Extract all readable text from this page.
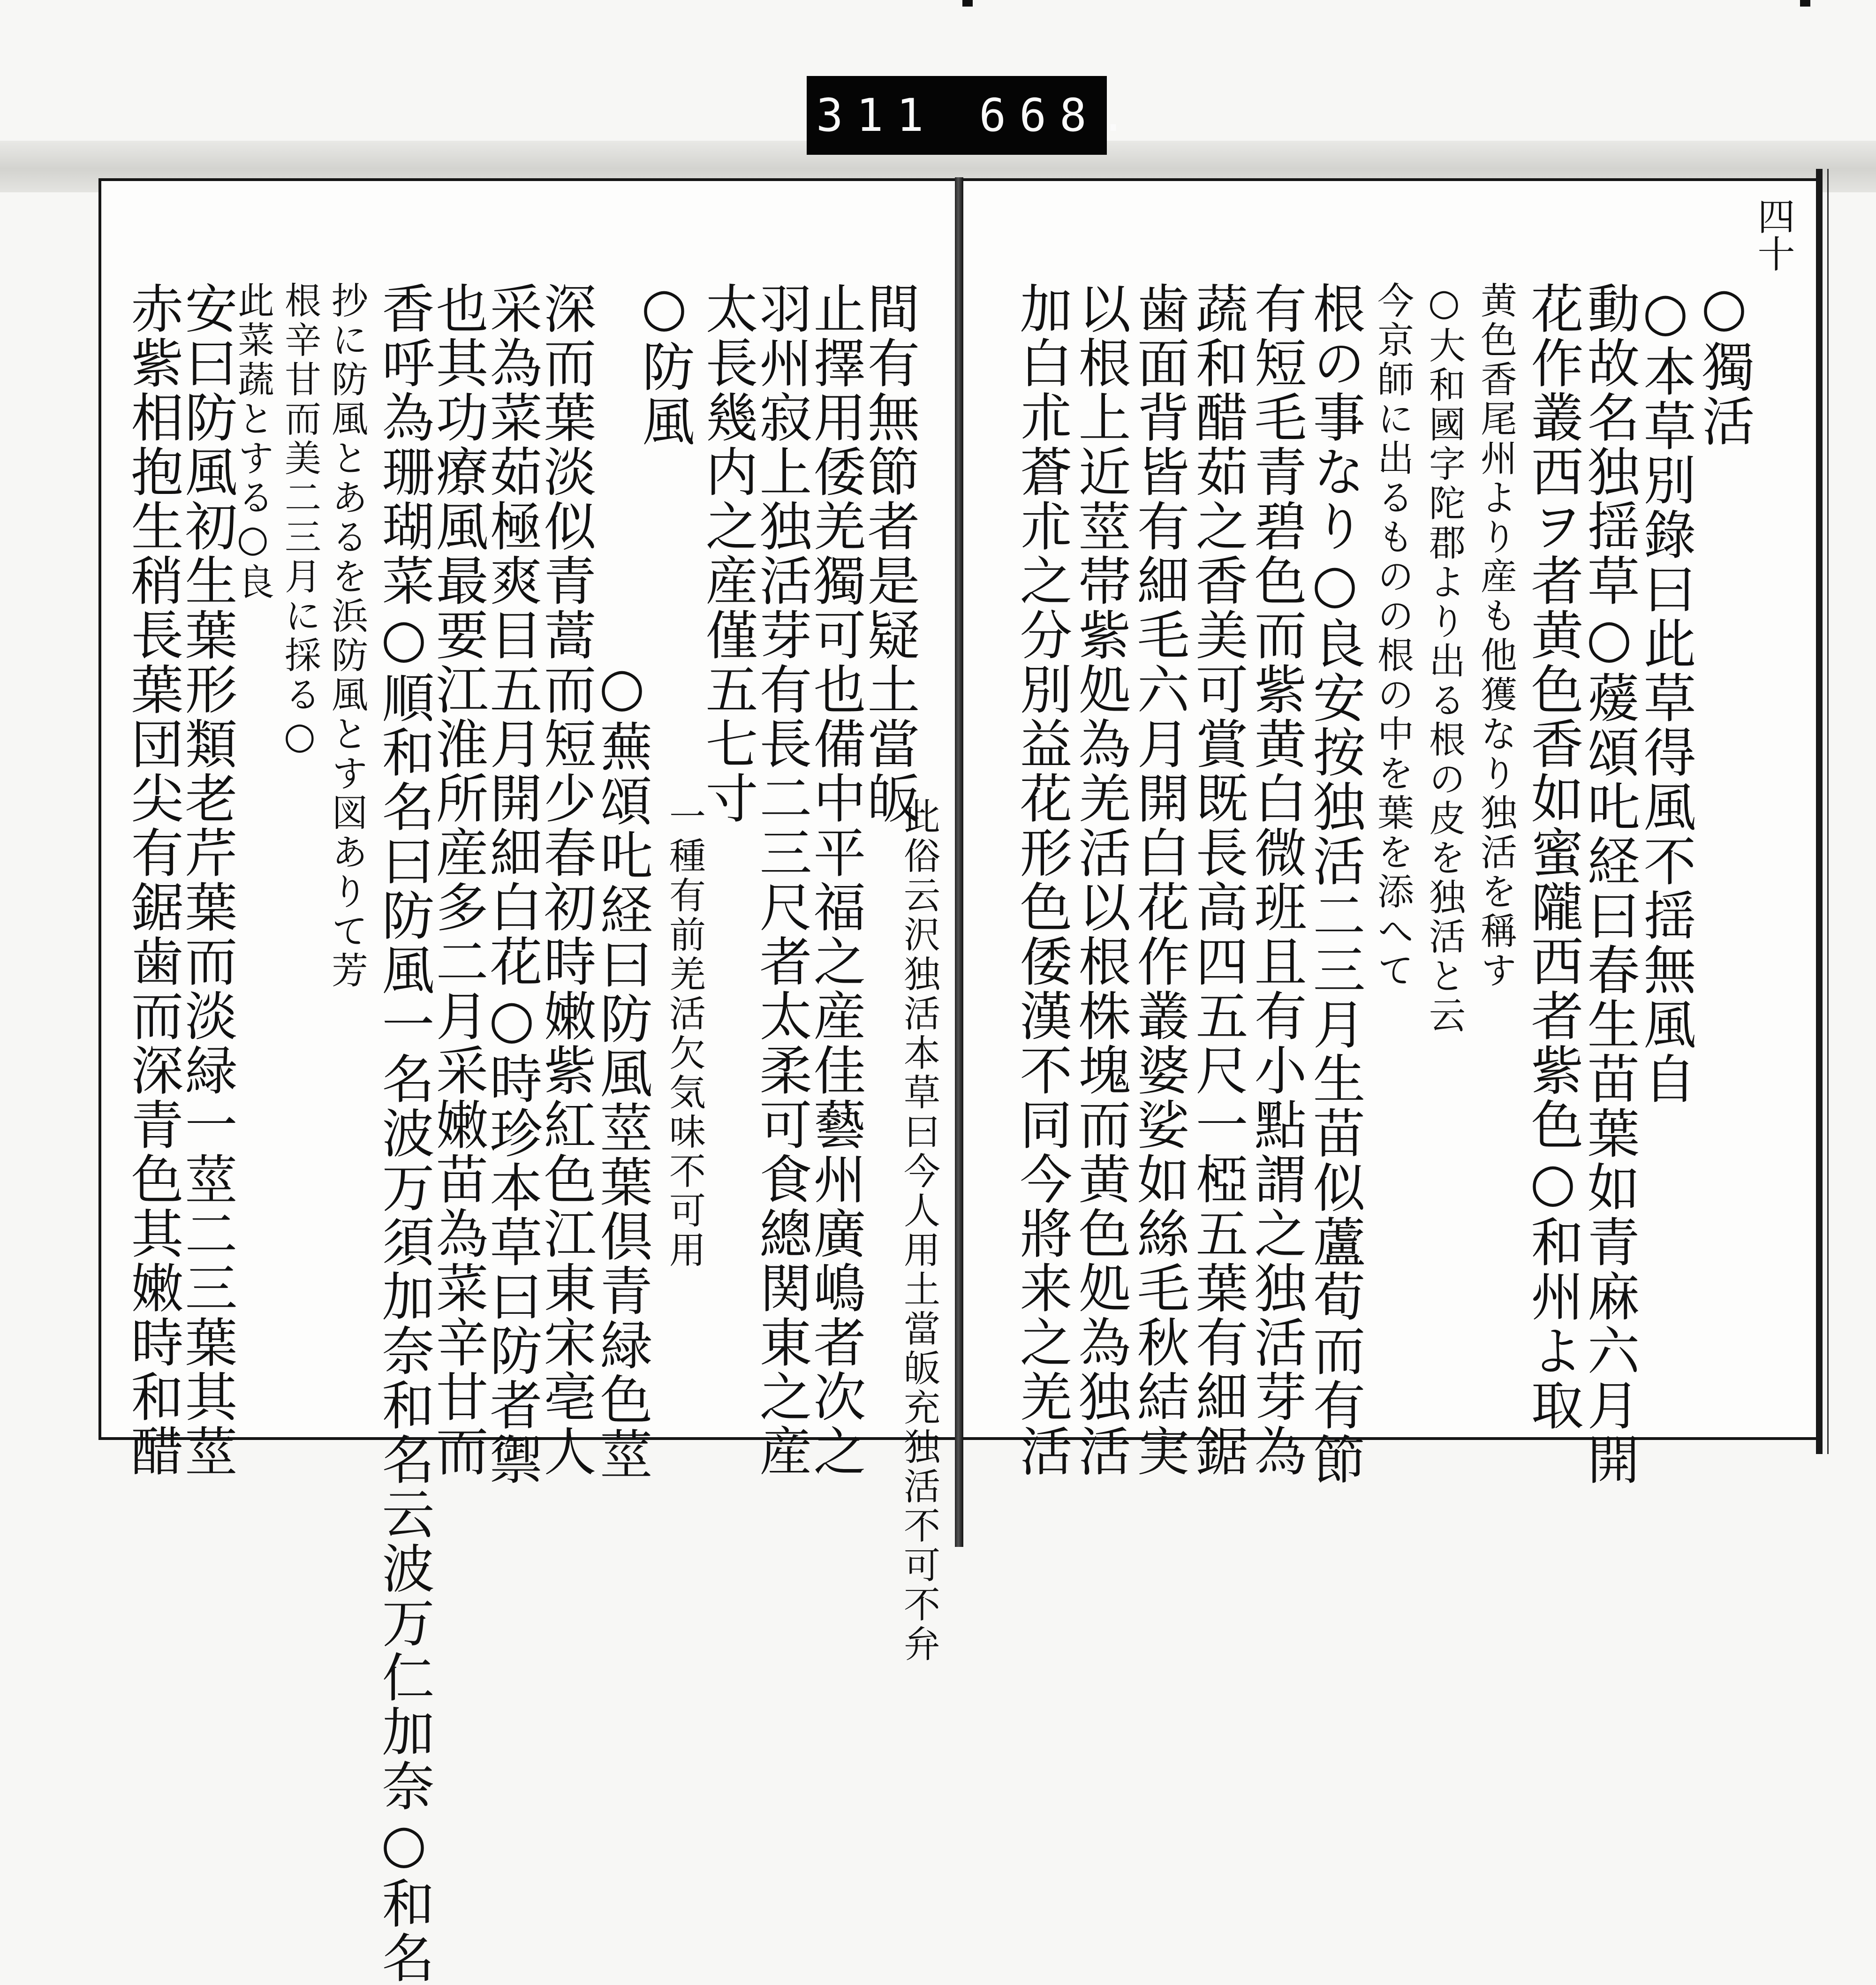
311 668.
四十
○獨活
○本草別錄曰此草得風不揺無風自
動故名独揺草○蕿頌𠮟経曰春生苗葉如青麻六月開
花作叢西ヲ者黄色香如蜜隴西者紫色○和州よ取
黄色香尾州より産も他獲なり独活を稱す
○大和國字陀郡より出る根の皮を独活と云
今京師に出るものの根の中を葉を添へて
根の事なり○良安按独活二三月生苗似蘆荀而有節
有短毛青碧色而紫黄白微班且有小點謂之独活芽為
蔬和醋茹之香美可賞既長高四五尺一椏五葉有細鋸
歯面背皆有細毛六月開白花作叢婆娑如絲毛秋結実
以根上近莖帯紫処為羌活以根株塊而黄色処為独活
加白朮蒼朮之分別益花形色倭漢不同今將来之羌活
間有無節者是疑土當皈
止擇用倭羌獨可也備中平福之産佳藝州廣嶋者次之
羽州寂上独活芽有長二三尺者太柔可食總関東之産
太長幾内之産僅五七寸
此俗云沢独活本草曰今人用土當皈充独活不可不弁
一種有前羌活欠気味不可用
○防風
○蕪頌𠮟経曰防風莖葉倶青緑色莖
深而葉淡似青蒿而短少春初時嫩紫紅色江東宋亳人
采為菜茹極爽目五月開細白花○時珍本草曰防者禦
也其功療風最要江淮所産多二月采嫩苗為菜辛甘而
香呼為珊瑚菜○順和名曰防風一名波万須加奈和名云波万仁加奈○和名
抄に防風とあるを浜防風とす図ありて芳
根辛甘而美二三月に採る○
此菜蔬とする○良
安曰防風初生葉形類老芹葉而淡緑一莖二三葉其莖
赤紫相抱生稍長葉団尖有鋸歯而深青色其嫩時和醋
